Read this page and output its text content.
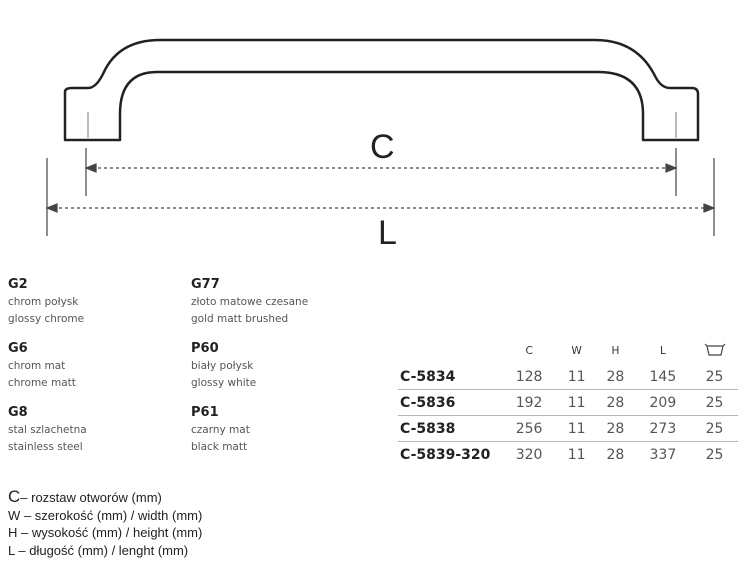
C
L
G2
chrom połysk
glossy chrome
G77
złoto matowe czesane
gold matt brushed
G6
chrom mat
chrome matt
P60
biały połysk
glossy white
G8
stal szlachetna
stainless steel
P61
czarny mat
black matt
	C	W	H	L	
C-5834	128	11	28	145	25
C-5836	192	11	28	209	25
C-5838	256	11	28	273	25
C-5839-320	320	11	28	337	25
C– rozstaw otworów (mm)
W – szerokość (mm) / width (mm)
H – wysokość (mm) / height (mm)
L – długość (mm) / lenght (mm)
